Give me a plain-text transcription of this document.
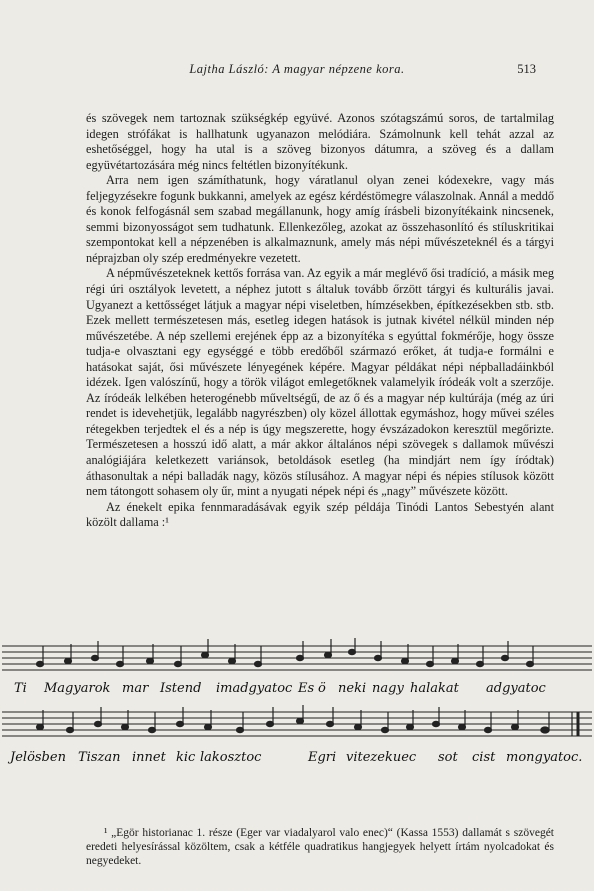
Lajtha László: A magyar népzene kora.	513

és szövegek nem tartoznak szükségkép együvé. Azonos szótagszámú soros, de tartalmilag idegen strófákat is hallhatunk ugyanazon melódiára. Számolnunk kell tehát azzal az eshetőséggel, hogy ha utal is a szöveg bizonyos dátumra, a szöveg és a dallam együvétartozására még nincs feltétlen bizonyítékunk.

Arra nem igen számíthatunk, hogy váratlanul olyan zenei kódexekre, vagy más feljegyzésekre fogunk bukkanni, amelyek az egész kérdéstömegre válaszolnak. Annál a meddő és konok felfogásnál sem szabad megállanunk, hogy amíg írásbeli bizonyítékaink nincsenek, semmi bizonyosságot sem tudhatunk. Ellenkezőleg, azokat az összehasonlító és stíluskritikai szempontokat kell a népzenében is alkalmaznunk, amely más népi művészeteknél és a tárgyi néprajzban oly szép eredményekre vezetett.

A népművészeteknek kettős forrása van. Az egyik a már meglévő ősi tradíció, a másik meg régi úri osztályok levetett, a néphez jutott s általuk tovább őrzött tárgyi és kulturális javai. Ugyanezt a kettősséget látjuk a magyar népi viseletben, hímzésekben, építkezésekben stb. stb. Ezek mellett természetesen más, esetleg idegen hatások is jutnak kivétel nélkül minden nép művészetébe. A nép szellemi erejének épp az a bizonyítéka s egyúttal fokmérője, hogy össze tudja-e olvasztani egy egységgé e több eredőből származó erőket, át tudja-e formálni e hatásokat saját, ősi művészete lényegének képére. Magyar példákat népi népballadáinkból idézek. Igen valószínű, hogy a török világot emlegetőknek valamelyik íródeák volt a szerzője. Az íródeák lelkében heterogénebb műveltségű, de az ő és a magyar nép kultúrája (még az úri rendet is idevehetjük, legalább nagyrészben) oly közel állottak egymáshoz, hogy művei széles rétegekben terjedtek el és a nép is úgy megszerette, hogy évszázadokon keresztül megőrizte. Természetesen a hosszú idő alatt, a már akkor általános népi szövegek s dallamok művészi analógiájára keletkezett variánsok, betoldások esetleg (ha mindjárt nem így íródtak) áthasonultak a népi balladák nagy, közös stílusához. A magyar népi és népies stílusok között nem tátongott sohasem oly űr, mint a nyugati népek népi és „nagy” művészete között.

Az énekelt epika fennmaradásávak egyik szép példája Tinódi Lantos Sebestyén alant közölt dallama :¹

Ti Magyarok mar Istend imadgyatoc Es ö neki nagy halakat adgyatoc
Jelösben Tiszan innet kic lakosztoc	Egri vitezekuec sot cist mongyatoc.
¹ „Egör historianac 1. része (Eger var viadalyarol valo enec)“ (Kassa 1553) dallamát s szövegét eredeti helyesírással közöltem, csak a kétféle quadratikus hangjegyek helyett írtám nyolcadokat és negyedeket.
